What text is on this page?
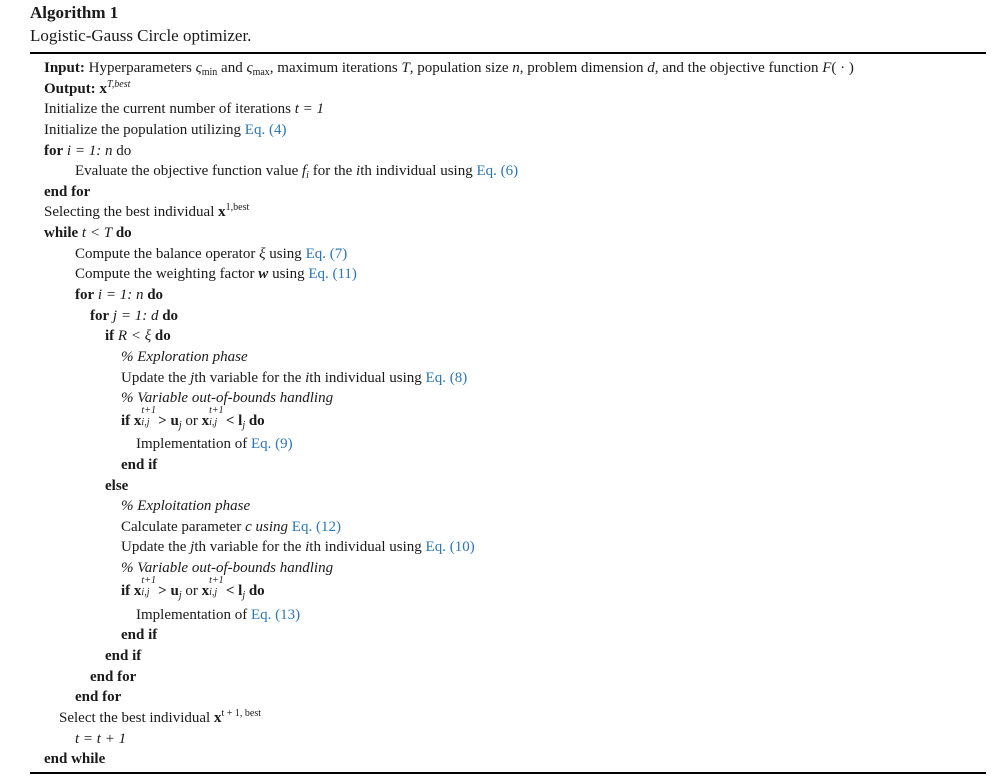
Algorithm 1
Logistic-Gauss Circle optimizer.
Input: Hyperparameters $\varsigma_{min}$ and $\varsigma_{max}$, maximum iterations T, population size n, problem dimension d, and the objective function F( · )
Output: $x^{T,best}$
Initialize the current number of iterations t = 1
Initialize the population utilizing Eq. (4)
for i = 1: n do
Evaluate the objective function value $f_i$ for the ith individual using Eq. (6)
end for
Selecting the best individual $x^{1,best}$
while t < T do
Compute the balance operator ξ using Eq. (7)
Compute the weighting factor w using Eq. (11)
for i = 1: n do
for j = 1: d do
if R < ξ do
% Exploration phase
Update the jth variable for the ith individual using Eq. (8)
% Variable out-of-bounds handling
if x
t+1
$i,j > u_j$ or x
t+1
$i,j < l_j$ do
Implementation of Eq. (9)
end if
else
% Exploitation phase
Calculate parameter c using Eq. (12)
Update the jth variable for the ith individual using Eq. (10)
% Variable out-of-bounds handling
if x
t+1
$i,j > u_j$ or x
t+1
$i,j < l_j$ do
Implementation of Eq. (13)
end if
end if
end for
end for
Select the best individual $x^{t + 1, best}$
t = t + 1
end while
